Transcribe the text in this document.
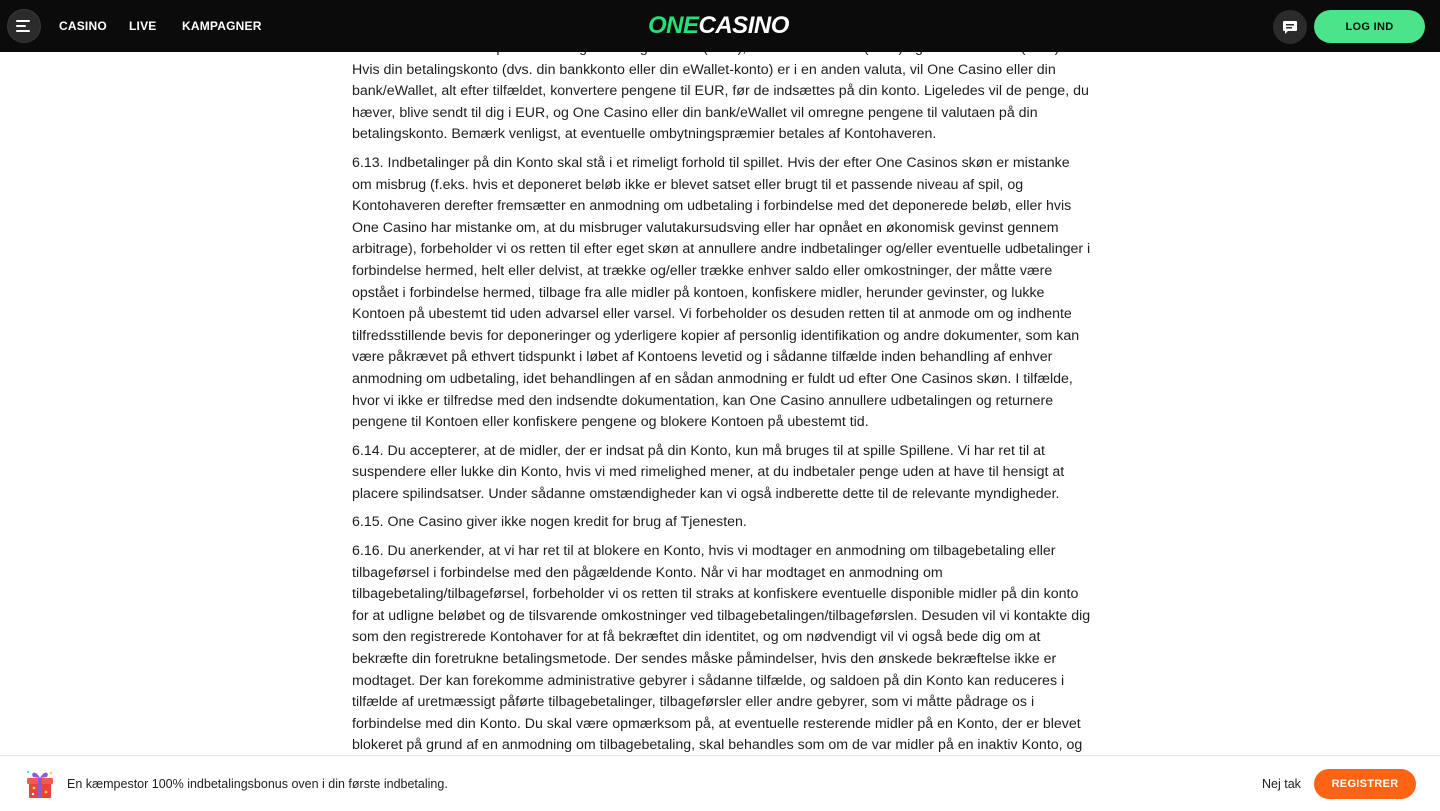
Hvis din betalingskonto (dvs. din bankkonto eller din eWallet-konto) er i en anden valuta, vil One Casino eller din bank/eWallet, alt efter tilfældet, konvertere pengene til EUR, før de indsættes på din konto. Ligeledes vil de penge, du hæver, blive sendt til dig i EUR, og One Casino eller din bank/eWallet vil omregne pengene til valutaen på din betalingskonto. Bemærk venligst, at eventuelle ombytningspræmier betales af Kontohaveren.

6.13. Indbetalinger på din Konto skal stå i et rimeligt forhold til spillet. Hvis der efter One Casinos skøn er mistanke om misbrug (f.eks. hvis et deponeret beløb ikke er blevet satset eller brugt til et passende niveau af spil, og Kontohaveren derefter fremsætter en anmodning om udbetaling i forbindelse med det deponerede beløb, eller hvis One Casino har mistanke om, at du misbruger valutakursudsving eller har opnået en økonomisk gevinst gennem arbitrage), forbeholder vi os retten til efter eget skøn at annullere andre indbetalinger og/eller eventuelle udbetalinger i forbindelse hermed, helt eller delvist, at trække og/eller trække enhver saldo eller omkostninger, der måtte være opstået i forbindelse hermed, tilbage fra alle midler på kontoen, konfiskere midler, herunder gevinster, og lukke Kontoen på ubestemt tid uden advarsel eller varsel. Vi forbeholder os desuden retten til at anmode om og indhente tilfredsstillende bevis for deponeringer og yderligere kopier af personlig identifikation og andre dokumenter, som kan være påkrævet på ethvert tidspunkt i løbet af Kontoens levetid og i sådanne tilfælde inden behandling af enhver anmodning om udbetaling, idet behandlingen af en sådan anmodning er fuldt ud efter One Casinos skøn. I tilfælde, hvor vi ikke er tilfredse med den indsendte dokumentation, kan One Casino annullere udbetalingen og returnere pengene til Kontoen eller konfiskere pengene og blokere Kontoen på ubestemt tid.

6.14. Du accepterer, at de midler, der er indsat på din Konto, kun må bruges til at spille Spillene. Vi har ret til at suspendere eller lukke din Konto, hvis vi med rimelighed mener, at du indbetaler penge uden at have til hensigt at placere spilindsatser. Under sådanne omstændigheder kan vi også indberette dette til de relevante myndigheder.

6.15. One Casino giver ikke nogen kredit for brug af Tjenesten.

6.16. Du anerkender, at vi har ret til at blokere en Konto, hvis vi modtager en anmodning om tilbagebetaling eller tilbageførsel i forbindelse med den pågældende Konto. Når vi har modtaget en anmodning om tilbagebetaling/tilbageførsel, forbeholder vi os retten til straks at konfiskere eventuelle disponible midler på din konto for at udligne beløbet og de tilsvarende omkostninger ved tilbagebetalingen/tilbageførslen. Desuden vil vi kontakte dig som den registrerede Kontohaver for at få bekræftet din identitet, og om nødvendigt vil vi også bede dig om at bekræfte din foretrukne betalingsmetode. Der sendes måske påmindelser, hvis den ønskede bekræftelse ikke er modtaget. Der kan forekomme administrative gebyrer i sådanne tilfælde, og saldoen på din Konto kan reduceres i tilfælde af uretmæssigt påførte tilbagebetalinger, tilbageførsler eller andre gebyrer, som vi måtte pådrage os i forbindelse med din Konto. Du skal være opmærksom på, at eventuelle resterende midler på en Konto, der er blevet blokeret på grund af en anmodning om tilbagebetaling, skal behandles som om de var midler på en inaktiv Konto, og

CASINO LIVE KAMPAGNER	ONE CASINO	LOG IND
En kæmpestor 100% indbetalingsbonus oven i din første indbetaling.	Nej tak	REGISTRER
